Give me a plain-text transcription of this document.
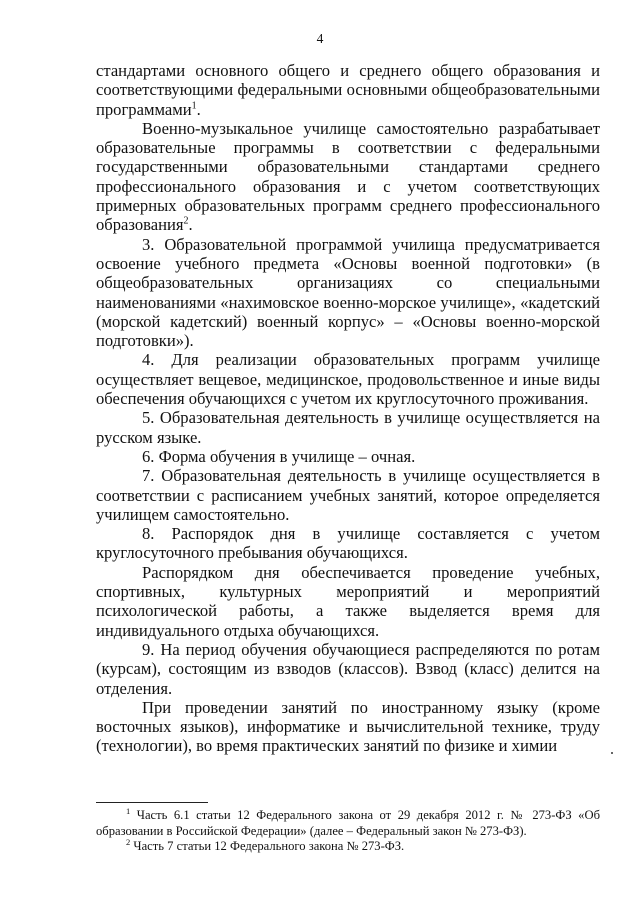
4

стандартами основного общего и среднего общего образования и соответствующими федеральными основными общеобразовательными программами$^1$.

Военно-музыкальное училище самостоятельно разрабатывает образовательные программы в соответствии с федеральными государственными образовательными стандартами среднего профессионального образования и с учетом соответствующих примерных образовательных программ среднего профессионального образования$^2$.

3. Образовательной программой училища предусматривается освоение учебного предмета «Основы военной подготовки» (в общеобразовательных организациях со специальными наименованиями «нахимовское военно-морское училище», «кадетский (морской кадетский) военный корпус» – «Основы военно-морской подготовки»).

4. Для реализации образовательных программ училище осуществляет вещевое, медицинское, продовольственное и иные виды обеспечения обучающихся с учетом их круглосуточного проживания.

5. Образовательная деятельность в училище осуществляется на русском языке.

6. Форма обучения в училище – очная.

7. Образовательная деятельность в училище осуществляется в соответствии с расписанием учебных занятий, которое определяется училищем самостоятельно.

8. Распорядок дня в училище составляется с учетом круглосуточного пребывания обучающихся.

Распорядком дня обеспечивается проведение учебных, спортивных, культурных мероприятий и мероприятий психологической работы, а также выделяется время для индивидуального отдыха обучающихся.

9. На период обучения обучающиеся распределяются по ротам (курсам), состоящим из взводов (классов). Взвод (класс) делится на отделения.

При проведении занятий по иностранному языку (кроме восточных языков), информатике и вычислительной технике, труду (технологии), во время практических занятий по физике и химии

$^1$ Часть 6.1 статьи 12 Федерального закона от 29 декабря 2012 г. № 273-ФЗ «Об образовании в Российской Федерации» (далее – Федеральный закон № 273-ФЗ).

$^2$ Часть 7 статьи 12 Федерального закона № 273-ФЗ.
